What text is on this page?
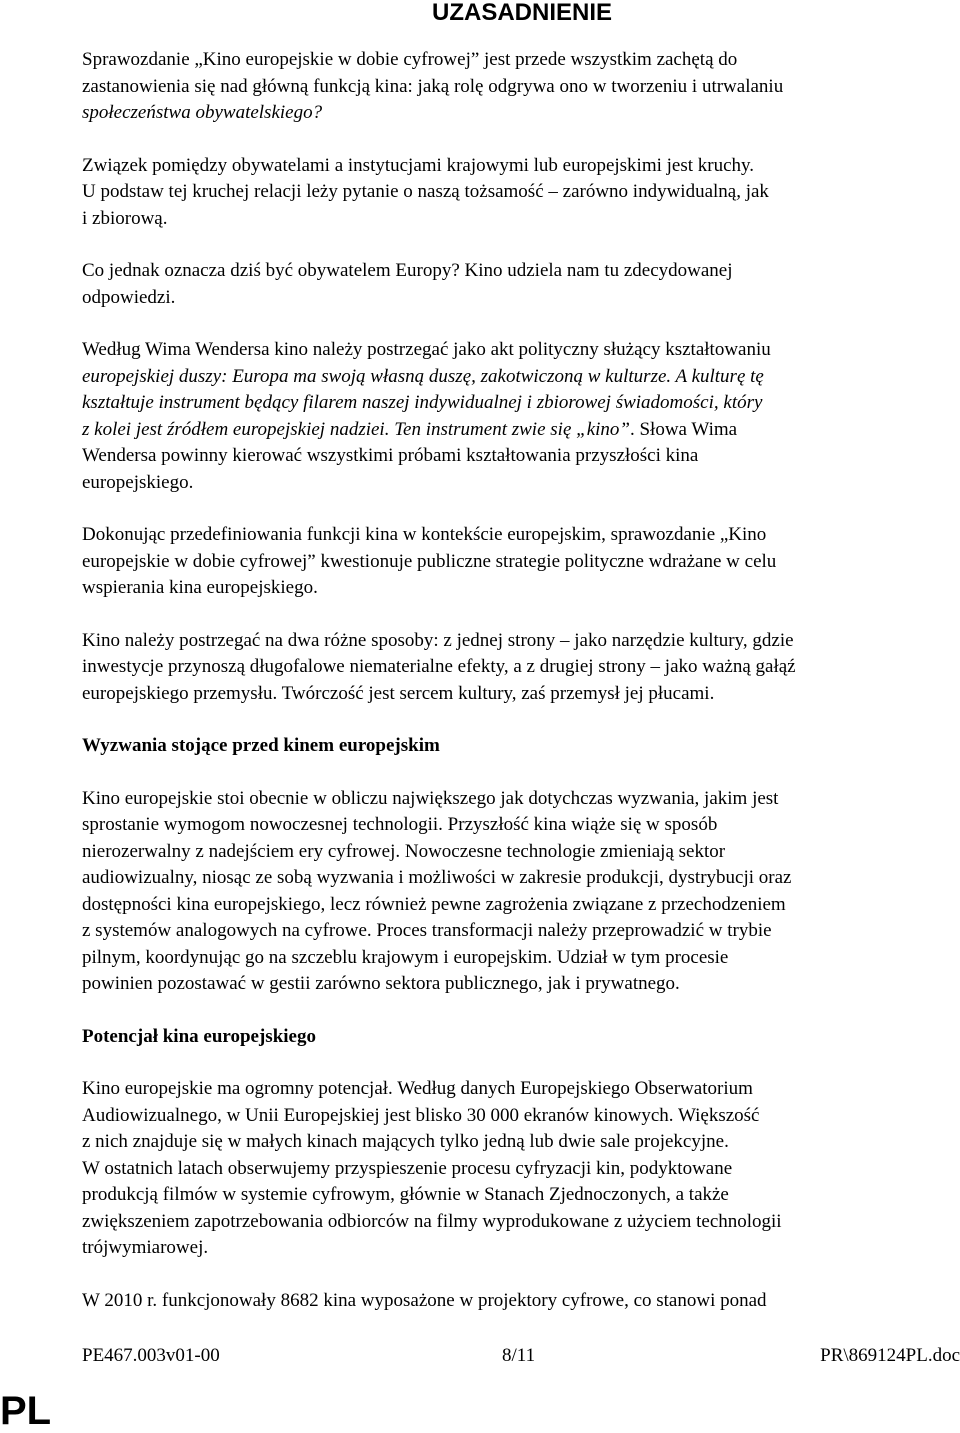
UZASADNIENIE
Sprawozdanie „Kino europejskie w dobie cyfrowej” jest przede wszystkim zachętą do
zastanowienia się nad główną funkcją kina: jaką rolę odgrywa ono w tworzeniu i utrwalaniu
społeczeństwa obywatelskiego?
Związek pomiędzy obywatelami a instytucjami krajowymi lub europejskimi jest kruchy.
U podstaw tej kruchej relacji leży pytanie o naszą tożsamość – zarówno indywidualną, jak
i zbiorową.
Co jednak oznacza dziś być obywatelem Europy? Kino udziela nam tu zdecydowanej
odpowiedzi.
Według Wima Wendersa kino należy postrzegać jako akt polityczny służący kształtowaniu
europejskiej duszy: Europa ma swoją własną duszę, zakotwiczoną w kulturze. A kulturę tę
kształtuje instrument będący filarem naszej indywidualnej i zbiorowej świadomości, który
z kolei jest źródłem europejskiej nadziei. Ten instrument zwie się „kino”. Słowa Wima
Wendersa powinny kierować wszystkimi próbami kształtowania przyszłości kina
europejskiego.
Dokonując przedefiniowania funkcji kina w kontekście europejskim, sprawozdanie „Kino
europejskie w dobie cyfrowej” kwestionuje publiczne strategie polityczne wdrażane w celu
wspierania kina europejskiego.
Kino należy postrzegać na dwa różne sposoby: z jednej strony – jako narzędzie kultury, gdzie
inwestycje przynoszą długofalowe niematerialne efekty, a z drugiej strony – jako ważną gałąź
europejskiego przemysłu. Twórczość jest sercem kultury, zaś przemysł jej płucami.
Wyzwania stojące przed kinem europejskim
Kino europejskie stoi obecnie w obliczu największego jak dotychczas wyzwania, jakim jest
sprostanie wymogom nowoczesnej technologii. Przyszłość kina wiąże się w sposób
nierozerwalny z nadejściem ery cyfrowej. Nowoczesne technologie zmieniają sektor
audiowizualny, niosąc ze sobą wyzwania i możliwości w zakresie produkcji, dystrybucji oraz
dostępności kina europejskiego, lecz również pewne zagrożenia związane z przechodzeniem
z systemów analogowych na cyfrowe. Proces transformacji należy przeprowadzić w trybie
pilnym, koordynując go na szczeblu krajowym i europejskim. Udział w tym procesie
powinien pozostawać w gestii zarówno sektora publicznego, jak i prywatnego.
Potencjał kina europejskiego
Kino europejskie ma ogromny potencjał. Według danych Europejskiego Obserwatorium
Audiowizualnego, w Unii Europejskiej jest blisko 30 000 ekranów kinowych. Większość
z nich znajduje się w małych kinach mających tylko jedną lub dwie sale projekcyjne.
W ostatnich latach obserwujemy przyspieszenie procesu cyfryzacji kin, podyktowane
produkcją filmów w systemie cyfrowym, głównie w Stanach Zjednoczonych, a także
zwiększeniem zapotrzebowania odbiorców na filmy wyprodukowane z użyciem technologii
trójwymiarowej.
W 2010 r. funkcjonowały 8682 kina wyposażone w projektory cyfrowe, co stanowi ponad
PE467.003v01-00	8/11	PR\869124PL.doc
PL
